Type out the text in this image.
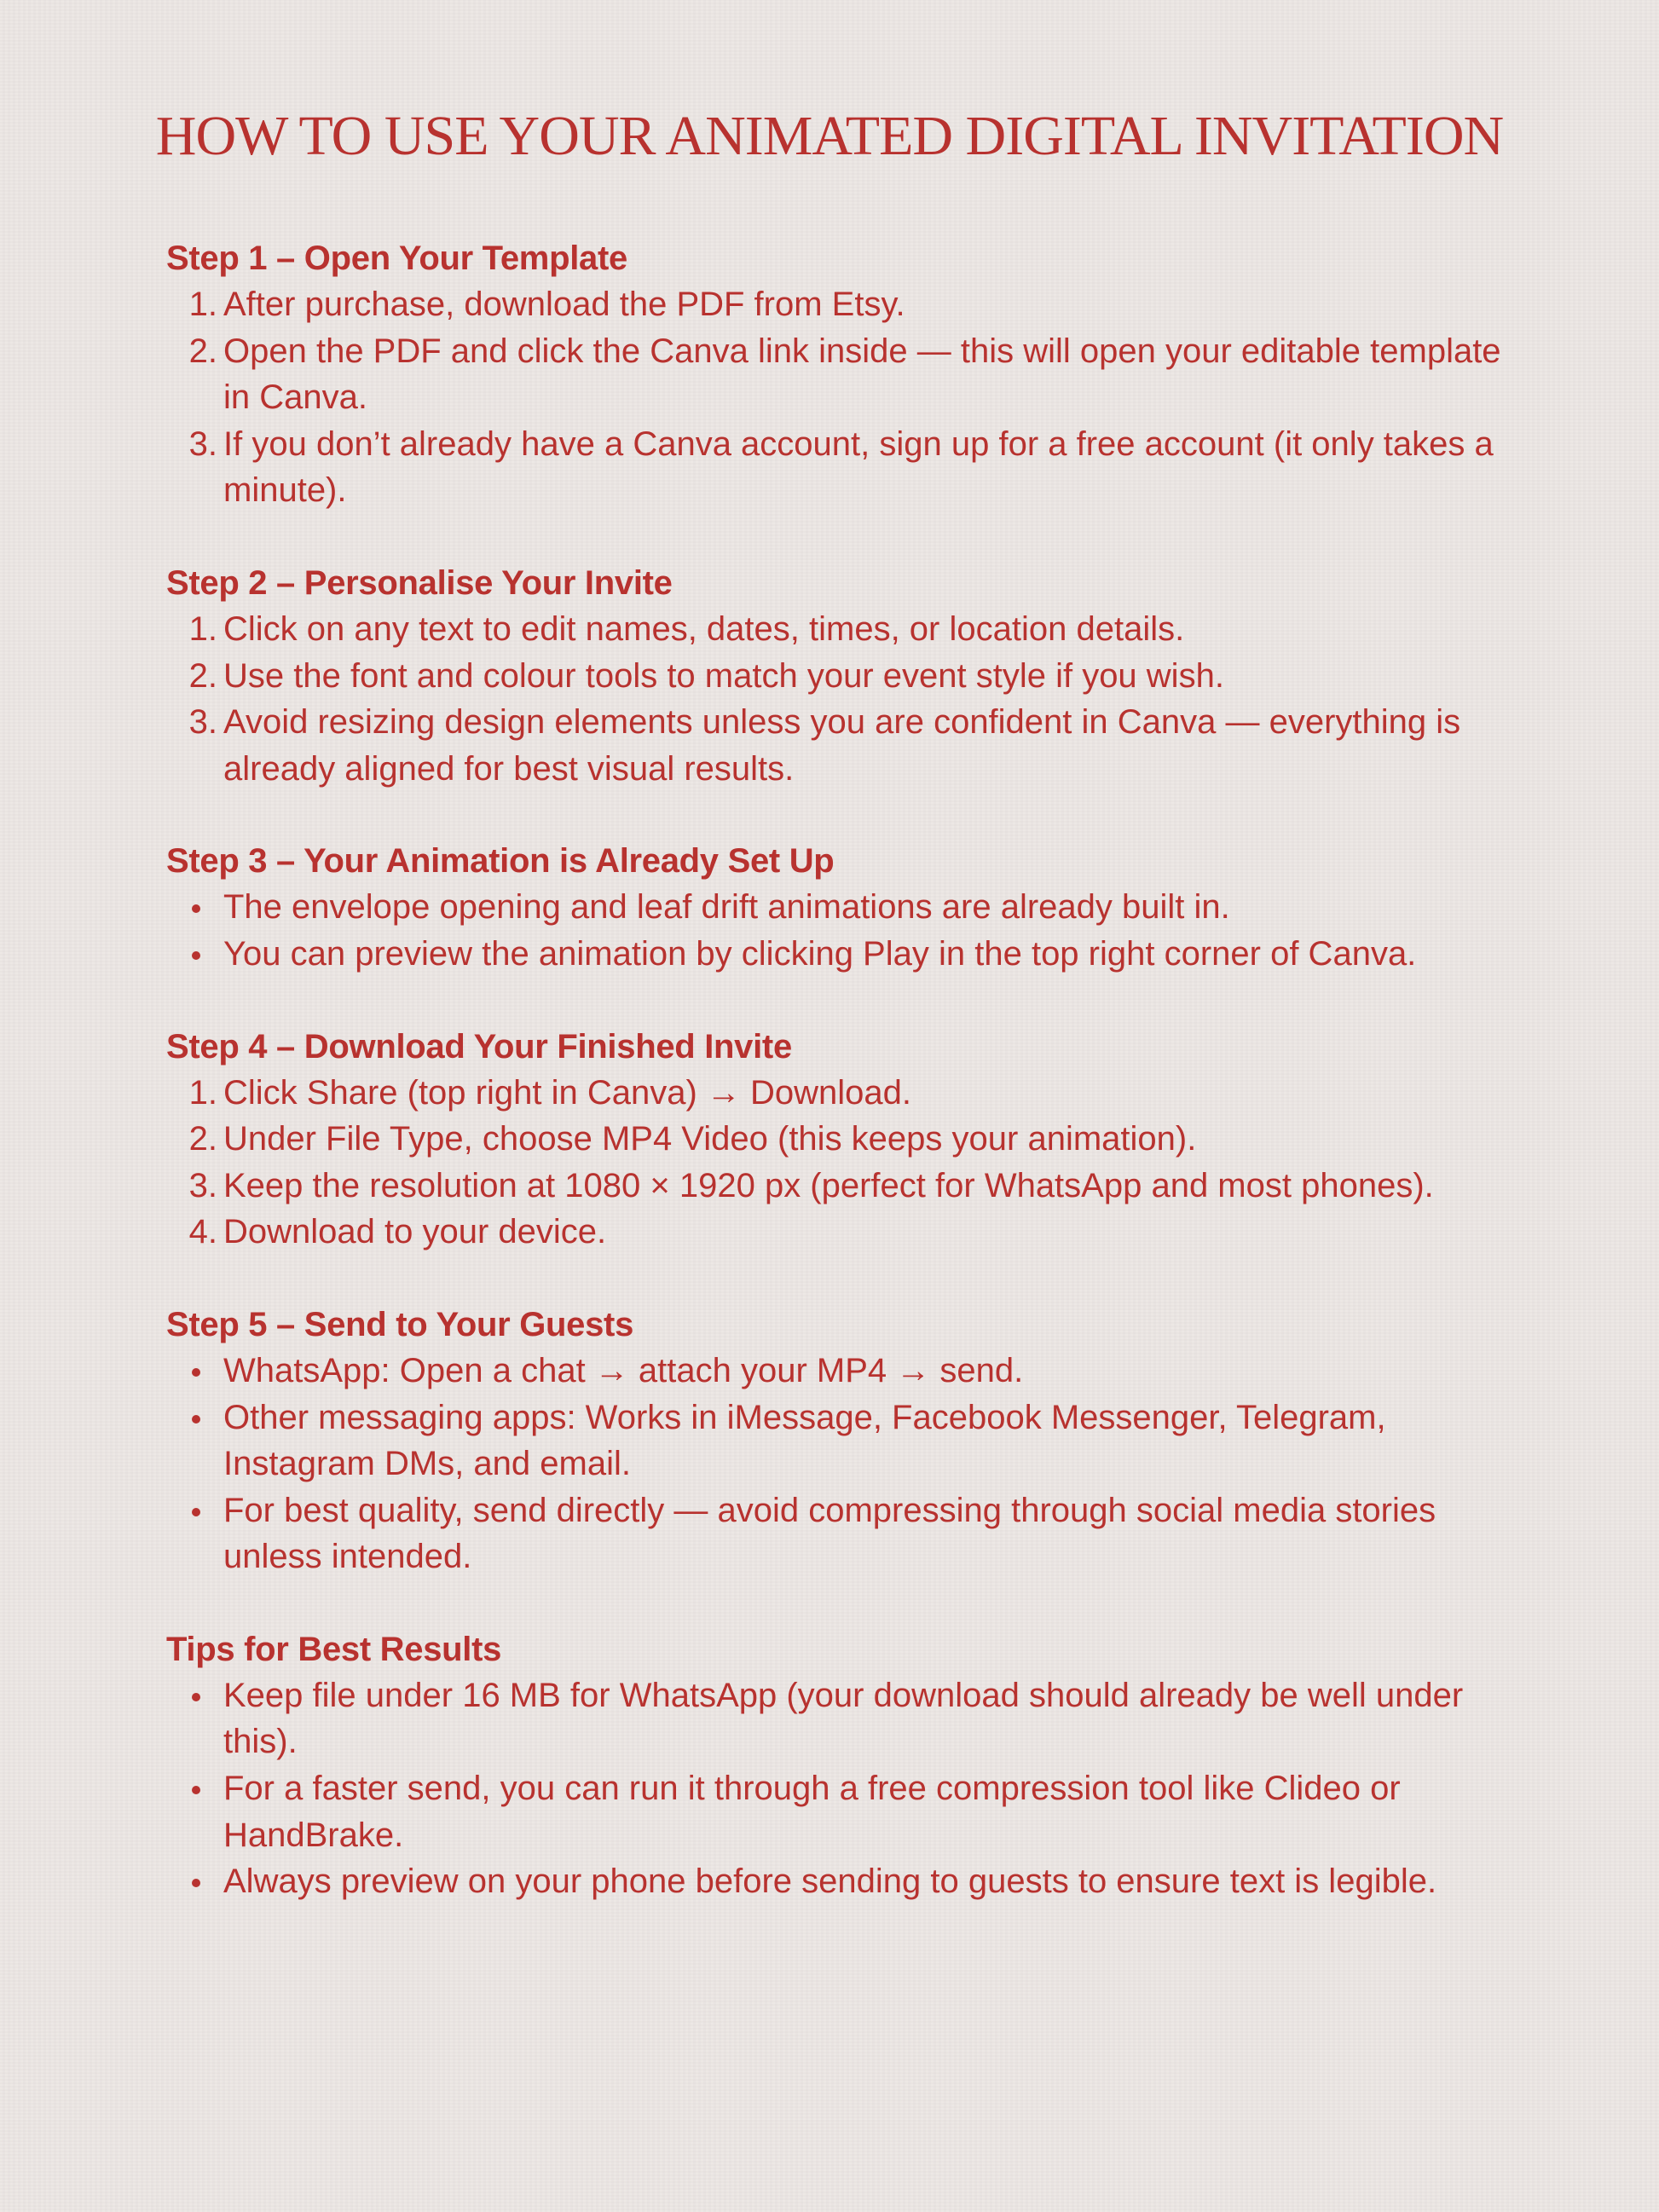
HOW TO USE YOUR ANIMATED DIGITAL INVITATION
Step 1 – Open Your Template
1. After purchase, download the PDF from Etsy.
2. Open the PDF and click the Canva link inside — this will open your editable template in Canva.
3. If you don’t already have a Canva account, sign up for a free account (it only takes a minute).
Step 2 – Personalise Your Invite
1. Click on any text to edit names, dates, times, or location details.
2. Use the font and colour tools to match your event style if you wish.
3. Avoid resizing design elements unless you are confident in Canva — everything is already aligned for best visual results.
Step 3 – Your Animation is Already Set Up
The envelope opening and leaf drift animations are already built in.
You can preview the animation by clicking Play in the top right corner of Canva.
Step 4 – Download Your Finished Invite
1. Click Share (top right in Canva) → Download.
2. Under File Type, choose MP4 Video (this keeps your animation).
3. Keep the resolution at 1080 × 1920 px (perfect for WhatsApp and most phones).
4. Download to your device.
Step 5 – Send to Your Guests
WhatsApp: Open a chat → attach your MP4 → send.
Other messaging apps: Works in iMessage, Facebook Messenger, Telegram, Instagram DMs, and email.
For best quality, send directly — avoid compressing through social media stories unless intended.
Tips for Best Results
Keep file under 16 MB for WhatsApp (your download should already be well under this).
For a faster send, you can run it through a free compression tool like Clideo or HandBrake.
Always preview on your phone before sending to guests to ensure text is legible.
